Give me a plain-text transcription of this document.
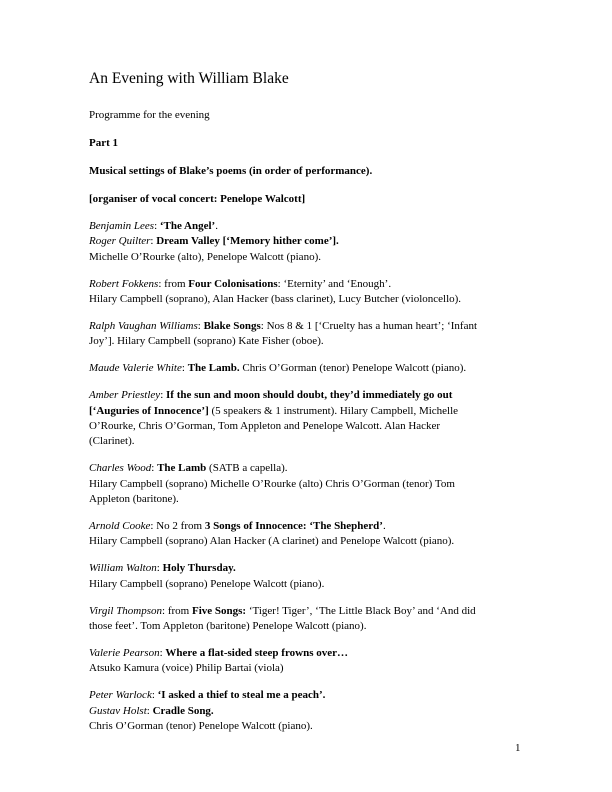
An Evening with William Blake

Programme for the evening

Part 1

Musical settings of Blake’s poems (in order of performance).

[organiser of vocal concert: Penelope Walcott]

Benjamin Lees: ‘The Angel’.
Roger Quilter: Dream Valley [‘Memory hither come’].
Michelle O’Rourke (alto), Penelope Walcott (piano).
Robert Fokkens: from Four Colonisations: ‘Eternity’ and ‘Enough’.
Hilary Campbell (soprano), Alan Hacker (bass clarinet), Lucy Butcher (violoncello).
Ralph Vaughan Williams: Blake Songs: Nos 8 & 1 [‘Cruelty has a human heart’; ‘Infant
Joy’]. Hilary Campbell (soprano) Kate Fisher (oboe).
Maude Valerie White: The Lamb. Chris O’Gorman (tenor) Penelope Walcott (piano).
Amber Priestley: If the sun and moon should doubt, they’d immediately go out
[‘Auguries of Innocence’] (5 speakers & 1 instrument). Hilary Campbell, Michelle
O’Rourke, Chris O’Gorman, Tom Appleton and Penelope Walcott. Alan Hacker
(Clarinet).
Charles Wood: The Lamb (SATB a capella).
Hilary Campbell (soprano) Michelle O’Rourke (alto) Chris O’Gorman (tenor) Tom
Appleton (baritone).
Arnold Cooke: No 2 from 3 Songs of Innocence: ‘The Shepherd’.
Hilary Campbell (soprano) Alan Hacker (A clarinet) and Penelope Walcott (piano).
William Walton: Holy Thursday.
Hilary Campbell (soprano) Penelope Walcott (piano).
Virgil Thompson: from Five Songs: ‘Tiger! Tiger’, ‘The Little Black Boy’ and ‘And did
those feet’. Tom Appleton (baritone) Penelope Walcott (piano).
Valerie Pearson: Where a flat-sided steep frowns over…
Atsuko Kamura (voice) Philip Bartai (viola)
Peter Warlock: ‘I asked a thief to steal me a peach’.
Gustav Holst: Cradle Song.
Chris O’Gorman (tenor) Penelope Walcott (piano).
1
